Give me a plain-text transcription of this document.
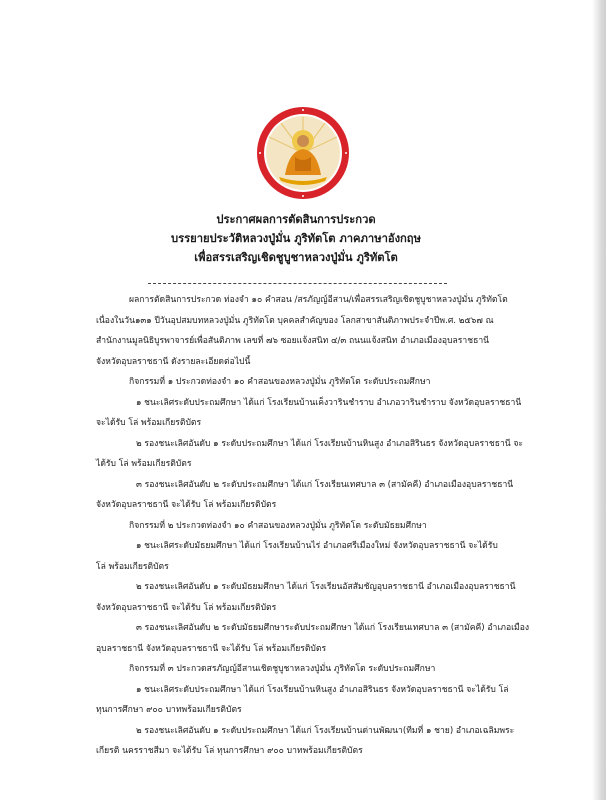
ประกาศผลการตัดสินการประกวด
บรรยายประวัติหลวงปู่มั่น ภูริทัตโต ภาคภาษาอังกฤษ
เพื่อสรรเสริญเชิดชูบูชาหลวงปู่มั่น ภูริทัตโต
ผลการตัดสินการประกวด ท่องจำ ๑๐ คำสอน /สรภัญญ์อีสาน/เพื่อสรรเสริญเชิดชูบูชาหลวงปู่มั่น ภูริทัตโต
เนื่องในวัน๑๓๑ ปีวันอุปสมบทหลวงปู่มั่น ภูริทัตโต บุคคลสำคัญของ โลกสาขาสันติภาพประจำปีพ.ศ. ๒๕๖๗ ณ
สำนักงานมูลนิธิบูรพาจารย์เพื่อสันติภาพ เลขที่ ๗๖ ซอยแจ้งสนิท ๔/๓ ถนนแจ้งสนิท อำเภอเมืองอุบลราชธานี
จังหวัดอุบลราชธานี ดังรายละเอียดต่อไปนี้
กิจกรรมที่ ๑ ประกวดท่องจำ ๑๐ คำสอนของหลวงปู่มั่น ภูริทัตโต ระดับประถมศึกษา
๑ ชนะเลิศระดับประถมศึกษา ได้แก่ โรงเรียนบ้านเค็งวารินชำราบ อำเภอวารินชำราบ จังหวัดอุบลราชธานี
จะได้รับ โล่ พร้อมเกียรติบัตร
๒ รองชนะเลิศอันดับ ๑ ระดับประถมศึกษา ได้แก่ โรงเรียนบ้านหินสูง อำเภอสิรินธร จังหวัดอุบลราชธานี จะ
ได้รับ โล่ พร้อมเกียรติบัตร
๓ รองชนะเลิศอันดับ ๒ ระดับประถมศึกษา ได้แก่ โรงเรียนเทศบาล ๓ (สามัคคี) อำเภอเมืองอุบลราชธานี
จังหวัดอุบลราชธานี จะได้รับ โล่ พร้อมเกียรติบัตร
กิจกรรมที่ ๒ ประกวดท่องจำ ๑๐ คำสอนของหลวงปู่มั่น ภูริทัตโต ระดับมัธยมศึกษา
๑ ชนะเลิศระดับมัธยมศึกษา ได้แก่ โรงเรียนบ้านไร่ อำเภอศรีเมืองใหม่ จังหวัดอุบลราชธานี จะได้รับ
โล่ พร้อมเกียรติบัตร
๒ รองชนะเลิศอันดับ ๑ ระดับมัธยมศึกษา ได้แก่ โรงเรียนอัสสัมชัญอุบลราชธานี อำเภอเมืองอุบลราชธานี
จังหวัดอุบลราชธานี จะได้รับ โล่ พร้อมเกียรติบัตร
๓ รองชนะเลิศอันดับ ๒ ระดับมัธยมศึกษาระดับประถมศึกษา ได้แก่ โรงเรียนเทศบาล ๓ (สามัคคี) อำเภอเมือง
อุบลราชธานี จังหวัดอุบลราชธานี จะได้รับ โล่ พร้อมเกียรติบัตร
กิจกรรมที่ ๓ ประกวดสรภัญญ์อีสานเชิดชูบูชาหลวงปู่มั่น ภูริทัตโต ระดับประถมศึกษา
๑ ชนะเลิศระดับประถมศึกษา ได้แก่ โรงเรียนบ้านหินสูง อำเภอสิรินธร จังหวัดอุบลราชธานี จะได้รับ โล่
ทุนการศึกษา ๙๐๐ บาทพร้อมเกียรติบัตร
๒ รองชนะเลิศอันดับ ๑ ระดับประถมศึกษา ได้แก่ โรงเรียนบ้านด่านพัฒนา(ทีมที่ ๑ ชาย) อำเภอเฉลิมพระ
เกียรติ นครราชสีมา จะได้รับ โล่ ทุนการศึกษา ๙๐๐ บาทพร้อมเกียรติบัตร
